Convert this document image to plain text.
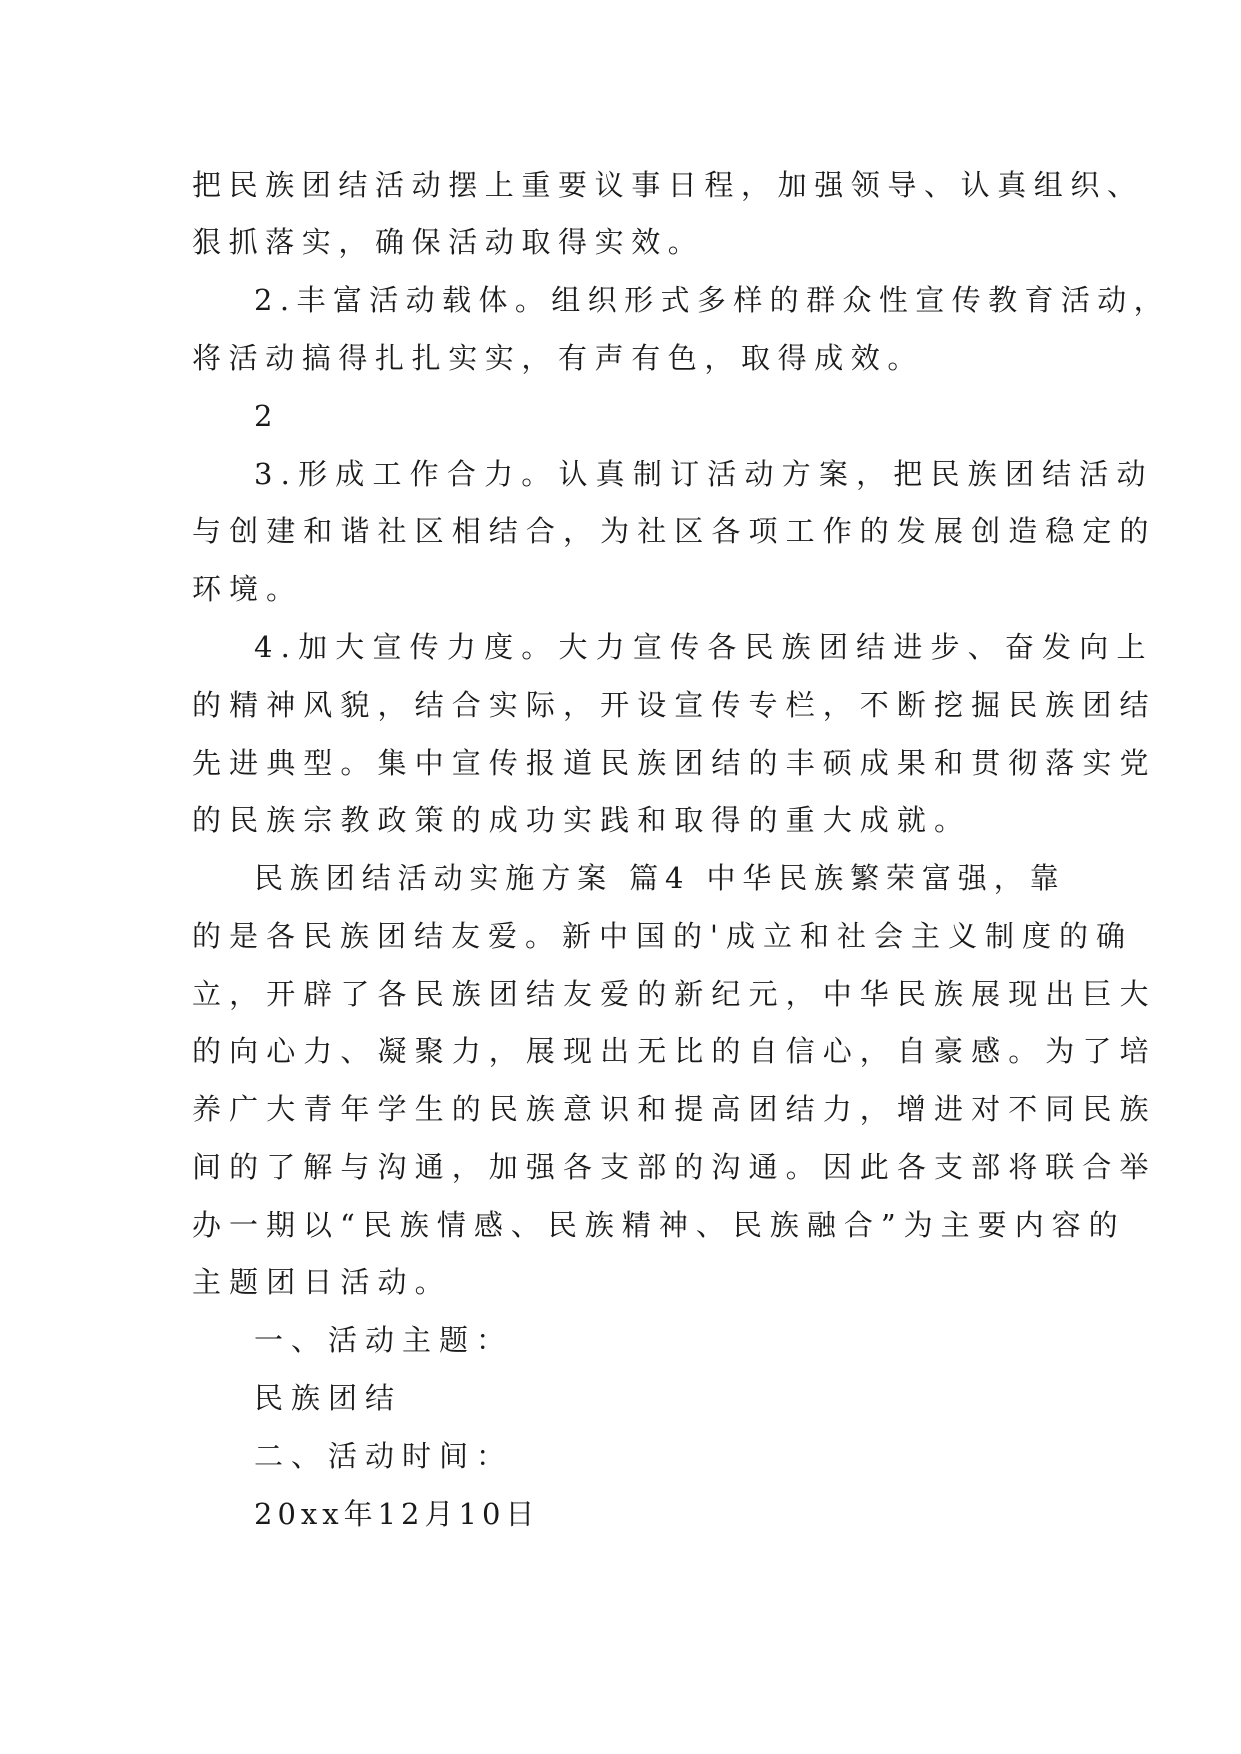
把民族团结活动摆上重要议事日程，加强领导、认真组织、
狠抓落实，确保活动取得实效。
2.丰富活动载体。组织形式多样的群众性宣传教育活动，
将活动搞得扎扎实实，有声有色，取得成效。
2
3.形成工作合力。认真制订活动方案，把民族团结活动
与创建和谐社区相结合，为社区各项工作的发展创造稳定的
环境。
4.加大宣传力度。大力宣传各民族团结进步、奋发向上
的精神风貌，结合实际，开设宣传专栏，不断挖掘民族团结
先进典型。集中宣传报道民族团结的丰硕成果和贯彻落实党
的民族宗教政策的成功实践和取得的重大成就。
民族团结活动实施方案 篇4 中华民族繁荣富强，靠
的是各民族团结友爱。新中国的'成立和社会主义制度的确
立，开辟了各民族团结友爱的新纪元，中华民族展现出巨大
的向心力、凝聚力，展现出无比的自信心，自豪感。为了培
养广大青年学生的民族意识和提高团结力，增进对不同民族
间的了解与沟通，加强各支部的沟通。因此各支部将联合举
办一期以“民族情感、民族精神、民族融合”为主要内容的
主题团日活动。
一、活动主题：
民族团结
二、活动时间：
20xx年12月10日
